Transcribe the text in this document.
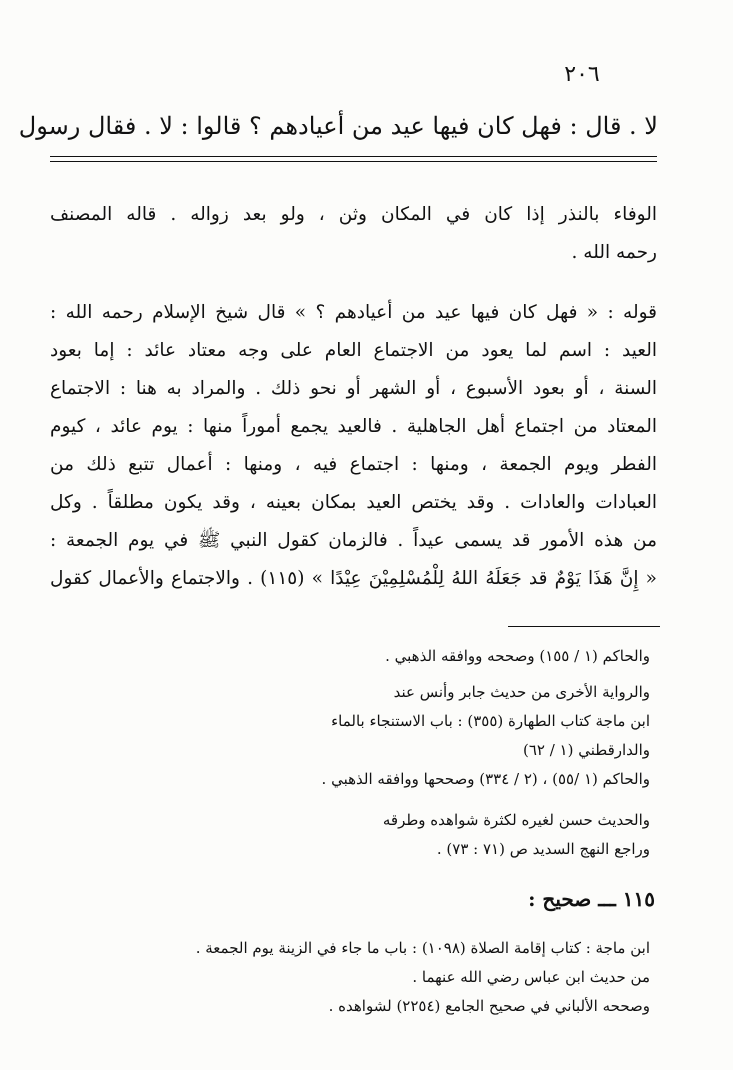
٢٠٦
لا . قال : فهل كان فيها عيد من أعيادهم ؟ قالوا : لا . فقال رسول
الوفاء بالنذر إذا كان في المكان وثن ، ولو بعد زواله . قاله المصنف
رحمه الله .
قوله : « فهل كان فيها عيد من أعيادهم ؟ » قال شيخ الإسلام رحمه الله :
العيد : اسم لما يعود من الاجتماع العام على وجه معتاد عائد : إما بعود
السنة ، أو بعود الأسبوع ، أو الشهر أو نحو ذلك . والمراد به هنا : الاجتماع
المعتاد من اجتماع أهل الجاهلية . فالعيد يجمع أموراً منها : يوم عائد ، كيوم
الفطر ويوم الجمعة ، ومنها : اجتماع فيه ، ومنها : أعمال تتبع ذلك من
العبادات والعادات . وقد يختص العيد بمكان بعينه ، وقد يكون مطلقاً . وكل
من هذه الأمور قد يسمى عيداً . فالزمان كقول النبي ﷺ في يوم الجمعة :
« إِنَّ هَذَا يَوْمٌ قد جَعَلَهُ اللهُ لِلْمُسْلِمِيْنَ عِيْدًا » (١١٥) . والاجتماع والأعمال كقول
والحاكم (١ / ١٥٥) وصححه ووافقه الذهبي .
والرواية الأخرى من حديث جابر وأنس عند
ابن ماجة كتاب الطهارة (٣٥٥) : باب الاستنجاء بالماء
والدارقطني (١ / ٦٢)
والحاكم (١ /٥٥) ، (٢ / ٣٣٤) وصححها ووافقه الذهبي .
والحديث حسن لغيره لكثرة شواهده وطرقه
وراجع النهج السديد ص (٧١ : ٧٣) .
١١٥ ـــ صحيح :
ابن ماجة : كتاب إقامة الصلاة (١٠٩٨) : باب ما جاء في الزينة يوم الجمعة .
من حديث ابن عباس رضي الله عنهما .
وصححه الألباني في صحيح الجامع (٢٢٥٤) لشواهده .
